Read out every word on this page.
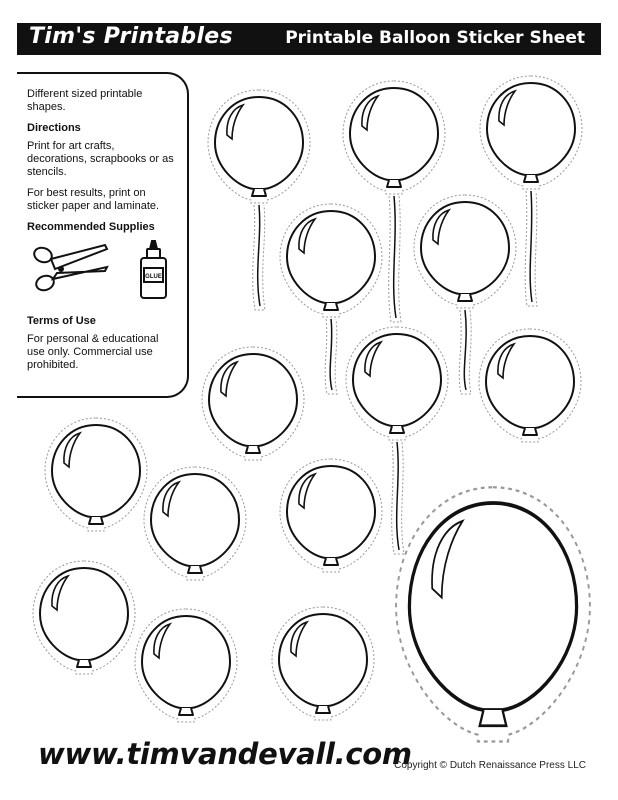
Tim's Printables	Printable Balloon Sticker Sheet

Different sized printable shapes.

Directions

Print for art crafts, decorations, scrapbooks or as stencils.

For best results, print on sticker paper and laminate.

Recommended Supplies
GLUE
Terms of Use

For personal & educational use only. Commercial use prohibited.

www.timvandevall.com
Copyright © Dutch Renaissance Press LLC
